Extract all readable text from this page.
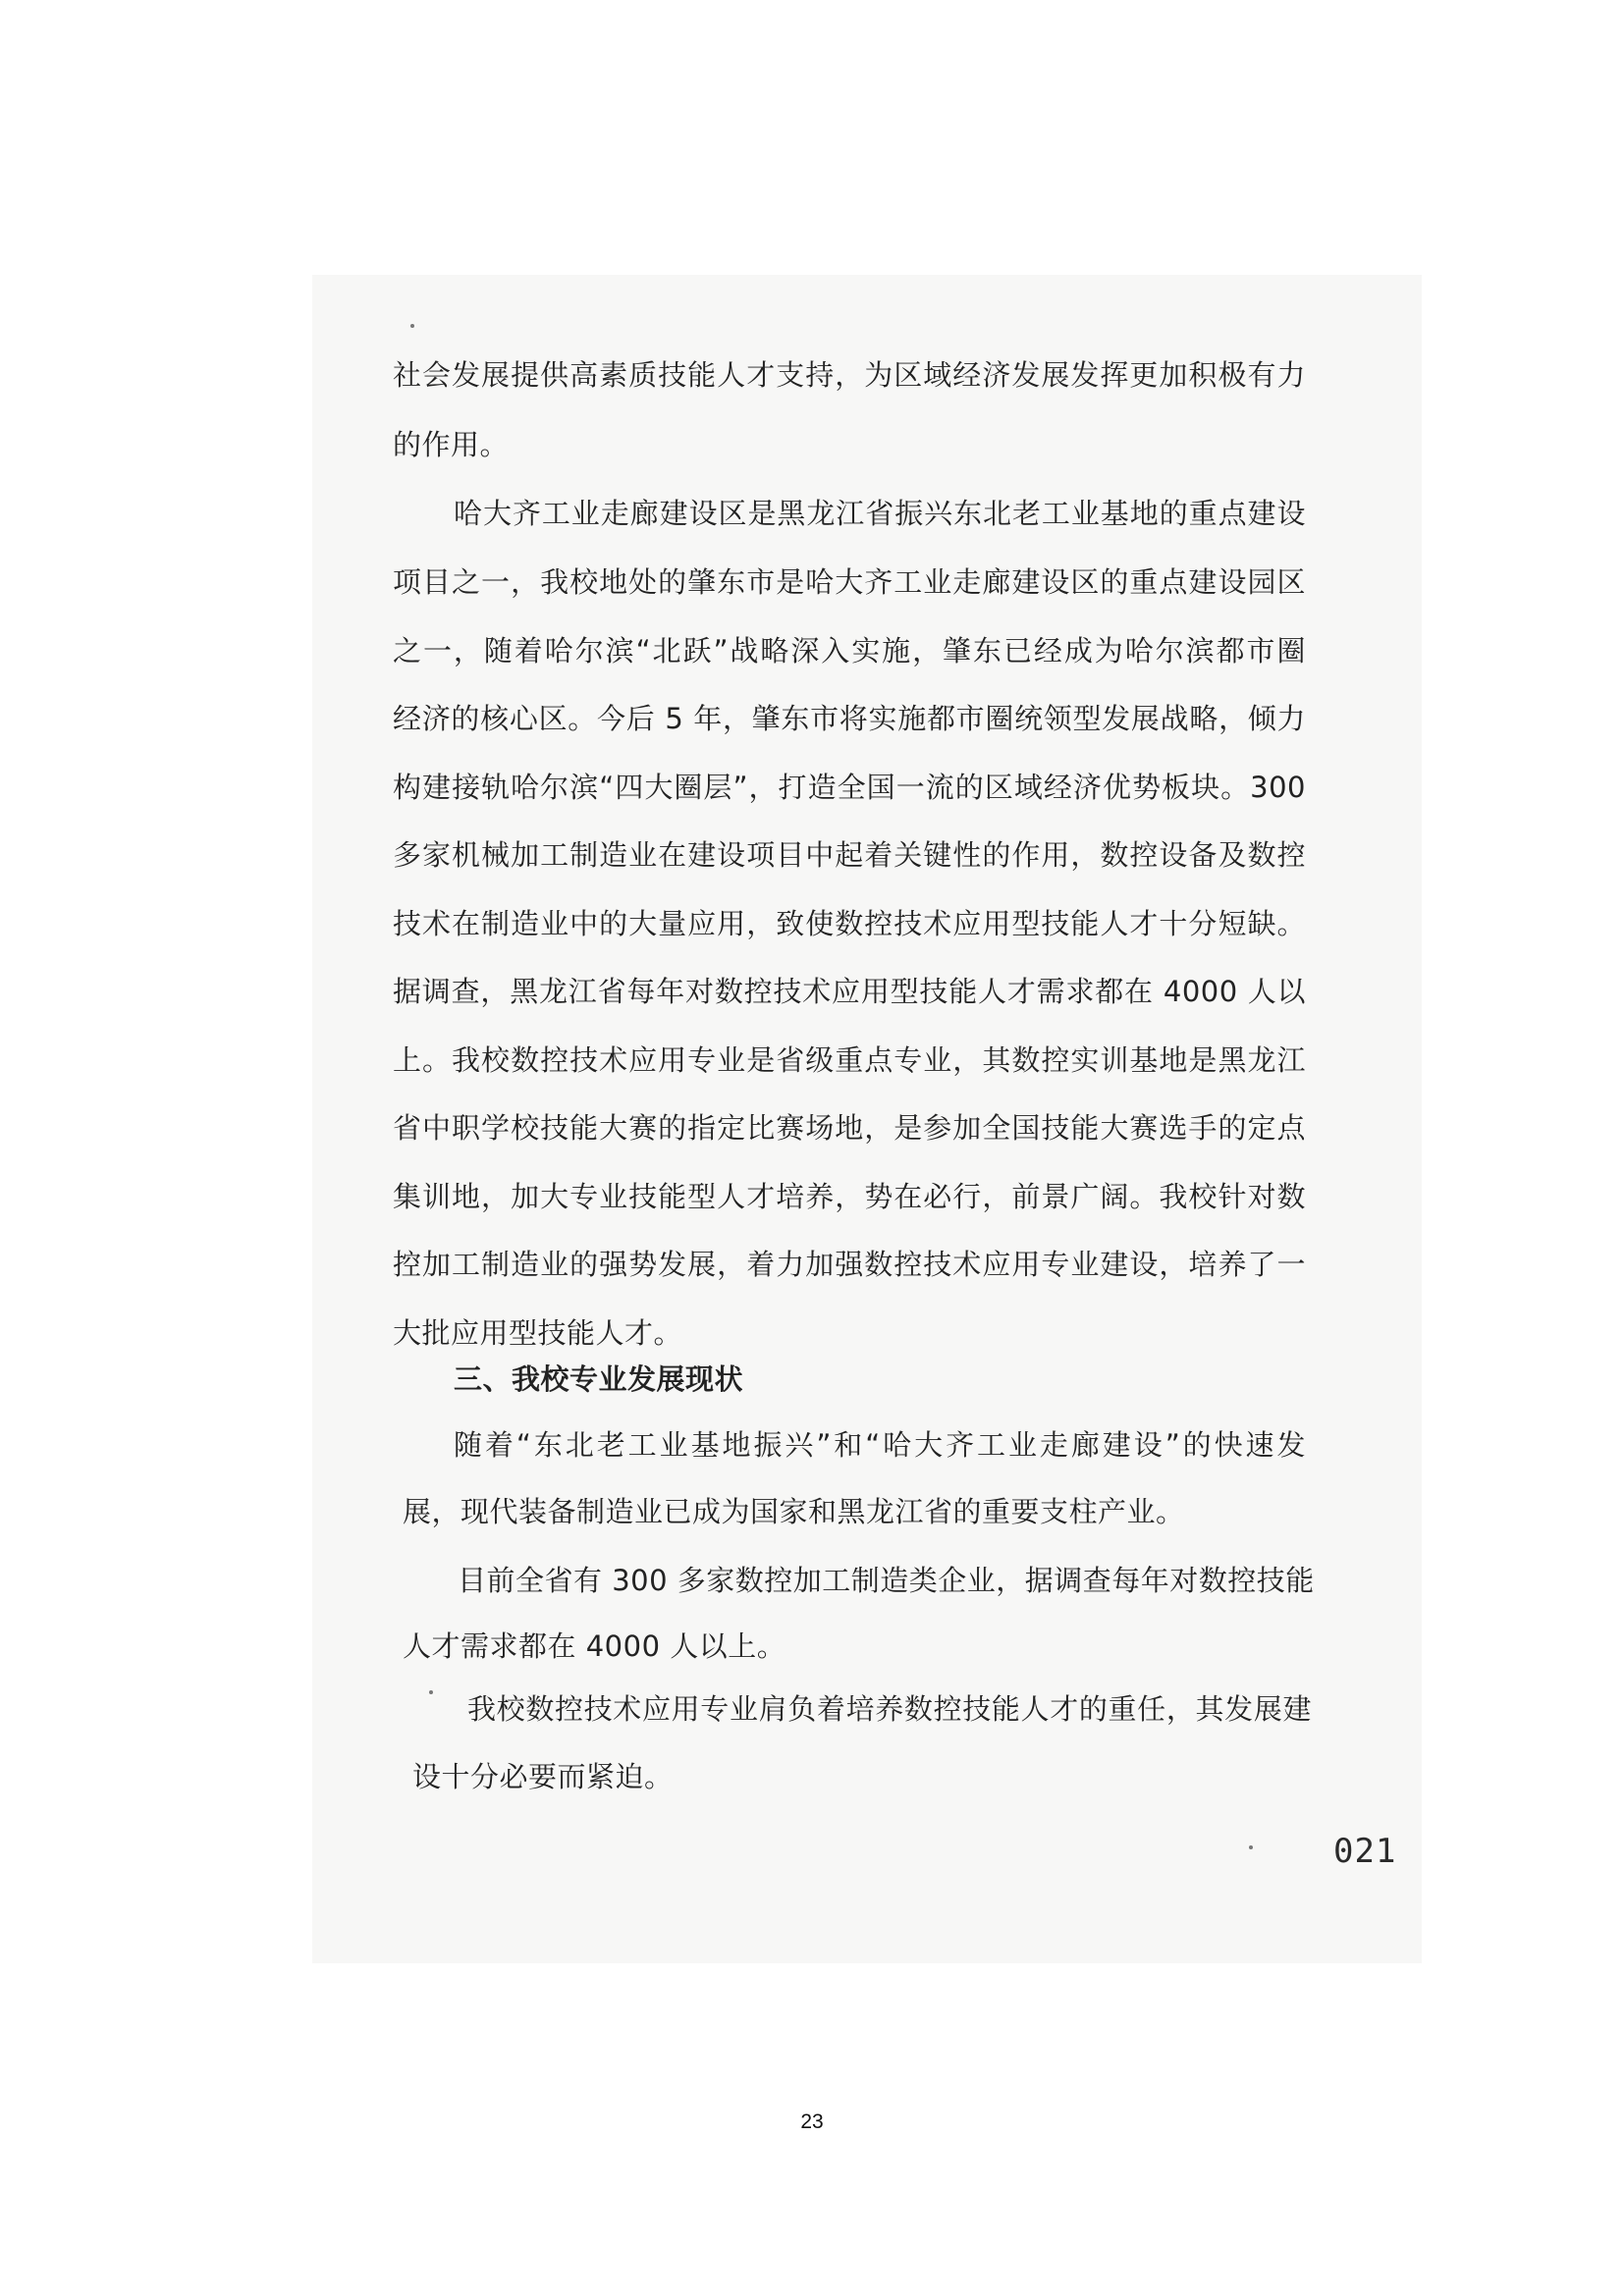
社会发展提供高素质技能人才支持，为区域经济发展发挥更加积极有力
的作用。
哈大齐工业走廊建设区是黑龙江省振兴东北老工业基地的重点建设
项目之一，我校地处的肇东市是哈大齐工业走廊建设区的重点建设园区
之一，随着哈尔滨“北跃”战略深入实施，肇东已经成为哈尔滨都市圈
经济的核心区。今后 5 年，肇东市将实施都市圈统领型发展战略，倾力
构建接轨哈尔滨“四大圈层”，打造全国一流的区域经济优势板块。300
多家机械加工制造业在建设项目中起着关键性的作用，数控设备及数控
技术在制造业中的大量应用，致使数控技术应用型技能人才十分短缺。
据调查，黑龙江省每年对数控技术应用型技能人才需求都在 4000 人以
上。我校数控技术应用专业是省级重点专业，其数控实训基地是黑龙江
省中职学校技能大赛的指定比赛场地，是参加全国技能大赛选手的定点
集训地，加大专业技能型人才培养，势在必行，前景广阔。我校针对数
控加工制造业的强势发展，着力加强数控技术应用专业建设，培养了一
大批应用型技能人才。
三、我校专业发展现状
随着“东北老工业基地振兴”和“哈大齐工业走廊建设”的快速发
展，现代装备制造业已成为国家和黑龙江省的重要支柱产业。
目前全省有 300 多家数控加工制造类企业，据调查每年对数控技能
人才需求都在 4000 人以上。
我校数控技术应用专业肩负着培养数控技能人才的重任，其发展建
设十分必要而紧迫。
021
23
